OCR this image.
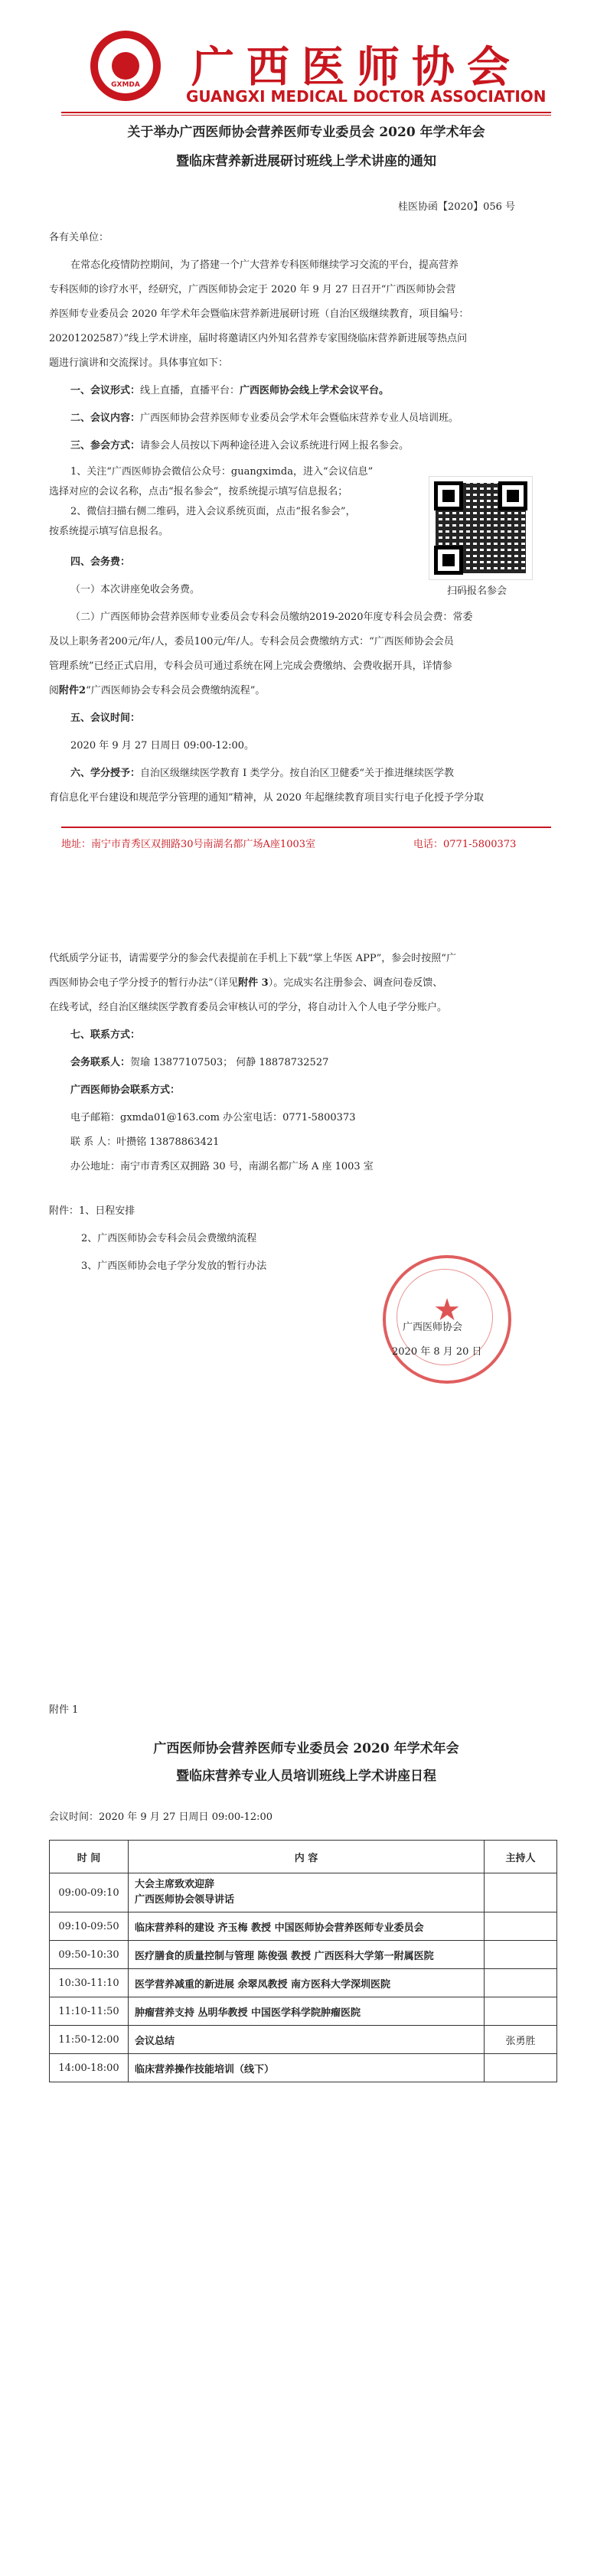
GXMDA	广西医师协会
GUANGXI MEDICAL DOCTOR ASSOCIATION
关于举办广西医师协会营养医师专业委员会 2020 年学术年会
暨临床营养新进展研讨班线上学术讲座的通知
桂医协函【2020】056 号
各有关单位：
在常态化疫情防控期间，为了搭建一个广大营养专科医师继续学习交流的平台，提高营养
专科医师的诊疗水平，经研究，广西医师协会定于 2020 年 9 月 27 日召开“广西医师协会营
养医师专业委员会 2020 年学术年会暨临床营养新进展研讨班（自治区级继续教育，项目编号：
20201202587）”线上学术讲座，届时将邀请区内外知名营养专家围绕临床营养新进展等热点问
题进行演讲和交流探讨。具体事宜如下：
一、会议形式：线上直播，直播平台：广西医师协会线上学术会议平台。
二、会议内容：广西医师协会营养医师专业委员会学术年会暨临床营养专业人员培训班。
三、参会方式：请参会人员按以下两种途径进入会议系统进行网上报名参会。
1、关注“广西医师协会微信公众号：guangximda，进入“会议信息”
选择对应的会议名称，点击“报名参会”，按系统提示填写信息报名；
2、微信扫描右侧二维码，进入会议系统页面，点击“报名参会”，
按系统提示填写信息报名。
扫码报名参会
四、会务费：
（一）本次讲座免收会务费。
（二）广西医师协会营养医师专业委员会专科会员缴纳2019-2020年度专科会员会费：常委
及以上职务者200元/年/人，委员100元/年/人。专科会员会费缴纳方式：“广西医师协会会员
管理系统”已经正式启用，专科会员可通过系统在网上完成会费缴纳、会费收据开具，详情参
阅附件2“广西医师协会专科会员会费缴纳流程”。
五、会议时间：
2020 年 9 月 27 日周日 09:00-12:00。
六、学分授予：自治区级继续医学教育 I 类学分。按自治区卫健委“关于推进继续医学教
育信息化平台建设和规范学分管理的通知”精神，从 2020 年起继续教育项目实行电子化授予学分取
地址：南宁市青秀区双拥路30号南湖名都广场A座1003室	电话：0771-5800373
代纸质学分证书，请需要学分的参会代表提前在手机上下载“掌上华医 APP”，参会时按照“广
西医师协会电子学分授予的暂行办法”（详见附件 3）。完成实名注册参会、调查问卷反馈、
在线考试，经自治区继续医学教育委员会审核认可的学分，将自动计入个人电子学分账户。
七、联系方式：
会务联系人：贺瑜 13877107503； 何静 18878732527
广西医师协会联系方式：
电子邮箱：gxmda01@163.com 办公室电话：0771-5800373
联 系 人：叶攒铭 13878863421
办公地址：南宁市青秀区双拥路 30 号，南湖名都广场 A 座 1003 室
附件：1、日程安排
2、广西医师协会专科会员会费缴纳流程
3、广西医师协会电子学分发放的暂行办法
★
广西医师协会
2020 年 8 月 20 日
附件 1
广西医师协会营养医师专业委员会 2020 年学术年会
暨临床营养专业人员培训班线上学术讲座日程
会议时间：2020 年 9 月 27 日周日 09:00-12:00
时 间	内 容	主持人
09:00-09:10	大会主席致欢迎辞
广西医师协会领导讲话	

09:10-09:50	临床营养科的建设 齐玉梅 教授 中国医师协会营养医师专业委员会	
09:50-10:30	医疗膳食的质量控制与管理 陈俊强 教授 广西医科大学第一附属医院	
10:30-11:10	医学营养减重的新进展 余翠凤教授 南方医科大学深圳医院	
11:10-11:50	肿瘤营养支持 丛明华教授 中国医学科学院肿瘤医院	
11:50-12:00	会议总结	张勇胜
14:00-18:00	临床营养操作技能培训（线下）	
